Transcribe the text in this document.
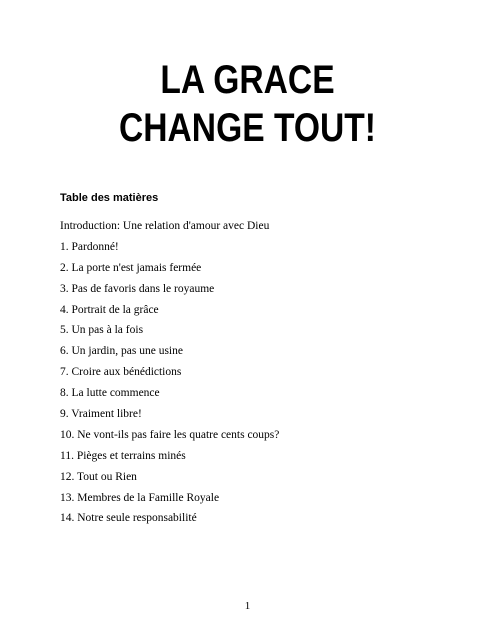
LA GRACE
CHANGE TOUT!
Table des matières
Introduction: Une relation d'amour avec Dieu
1. Pardonné!
2. La porte n'est jamais fermée
3. Pas de favoris dans le royaume
4. Portrait de la grâce
5. Un pas à la fois
6. Un jardin, pas une usine
7. Croire aux bénédictions
8. La lutte commence
9. Vraiment libre!
10. Ne vont-ils pas faire les quatre cents coups?
11. Pièges et terrains minés
12. Tout ou Rien
13. Membres de la Famille Royale
14. Notre seule responsabilité
1
